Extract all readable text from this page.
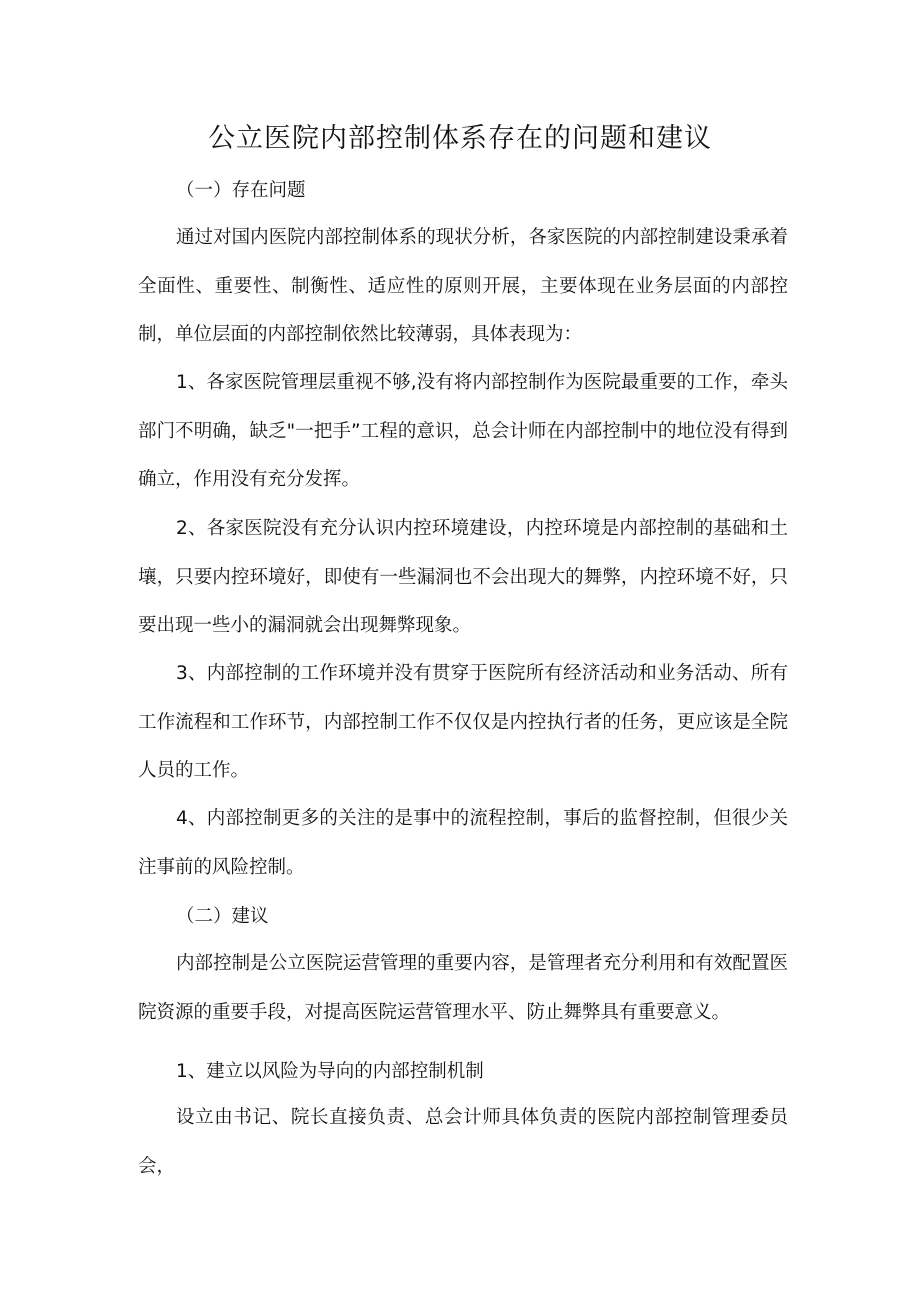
公立医院内部控制体系存在的问题和建议
（一）存在问题

通过对国内医院内部控制体系的现状分析，各家医院的内部控制建设秉承着全面性、重要性、制衡性、适应性的原则开展，主要体现在业务层面的内部控制，单位层面的内部控制依然比较薄弱，具体表现为：

1、各家医院管理层重视不够,没有将内部控制作为医院最重要的工作，牵头部门不明确，缺乏"一把手”工程的意识，总会计师在内部控制中的地位没有得到确立，作用没有充分发挥。

2、各家医院没有充分认识内控环境建设，内控环境是内部控制的基础和土壤，只要内控环境好，即使有一些漏洞也不会出现大的舞弊，内控环境不好，只要出现一些小的漏洞就会出现舞弊现象。

3、内部控制的工作环境并没有贯穿于医院所有经济活动和业务活动、所有工作流程和工作环节，内部控制工作不仅仅是内控执行者的任务，更应该是全院人员的工作。

4、内部控制更多的关注的是事中的流程控制，事后的监督控制，但很少关注事前的风险控制。

（二）建议

内部控制是公立医院运营管理的重要内容，是管理者充分利用和有效配置医院资源的重要手段，对提高医院运营管理水平、防止舞弊具有重要意义。

1、建立以风险为导向的内部控制机制

设立由书记、院长直接负责、总会计师具体负责的医院内部控制管理委员会，
